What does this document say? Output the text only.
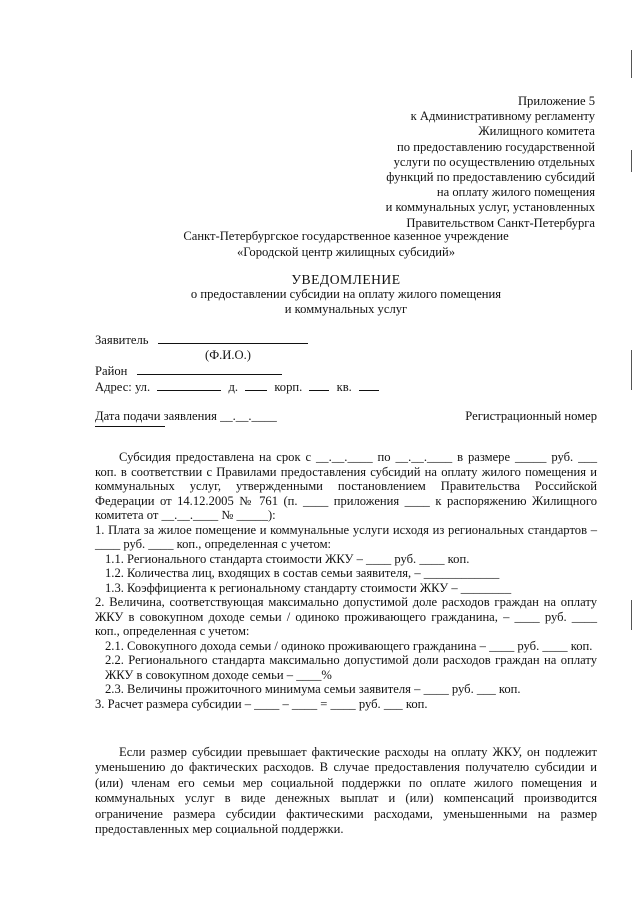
Приложение 5
к Административному регламенту
Жилищного комитета
по предоставлению государственной
услуги по осуществлению отдельных
функций по предоставлению субсидий
на оплату жилого помещения
и коммунальных услуг, установленных
Правительством Санкт-Петербурга
Санкт-Петербургское государственное казенное учреждение
«Городской центр жилищных субсидий»
УВЕДОМЛЕНИЕ
о предоставлении субсидии на оплату жилого помещения
и коммунальных услуг
Заявитель
(Ф.И.О.)
Район
Адрес: ул.	д.	корп.	кв.
Дата подачи заявления __.__.____	Регистрационный номер

Субсидия предоставлена на срок с __.__.____ по __.__.____ в размере _____ руб. ___ коп. в соответствии с Правилами предоставления субсидий на оплату жилого помещения и коммунальных услуг, утвержденными постановлением Правительства Российской Федерации от 14.12.2005 № 761 (п. ____ приложения ____ к распоряжению Жилищного комитета от __.__.____ № _____):

1. Плата за жилое помещение и коммунальные услуги исходя из региональных стандартов – ____ руб. ____ коп., определенная с учетом:

1.1. Регионального стандарта стоимости ЖКУ – ____ руб. ____ коп.

1.2. Количества лиц, входящих в состав семьи заявителя, – ____________

1.3. Коэффициента к региональному стандарту стоимости ЖКУ – ________

2. Величина, соответствующая максимально допустимой доле расходов граждан на оплату ЖКУ в совокупном доходе семьи / одиноко проживающего гражданина, – ____ руб. ____ коп., определенная с учетом:

2.1. Совокупного дохода семьи / одиноко проживающего гражданина – ____ руб. ____ коп.

2.2. Регионального стандарта максимально допустимой доли расходов граждан на оплату ЖКУ в совокупном доходе семьи – ____%

2.3. Величины прожиточного минимума семьи заявителя – ____ руб. ___ коп.

3. Расчет размера субсидии – ____ – ____ = ____ руб. ___ коп.

Если размер субсидии превышает фактические расходы на оплату ЖКУ, он подлежит уменьшению до фактических расходов. В случае предоставления получателю субсидии и (или) членам его семьи мер социальной поддержки по оплате жилого помещения и коммунальных услуг в виде денежных выплат и (или) компенсаций производится ограничение размера субсидии фактическими расходами, уменьшенными на размер предоставленных мер социальной поддержки.
